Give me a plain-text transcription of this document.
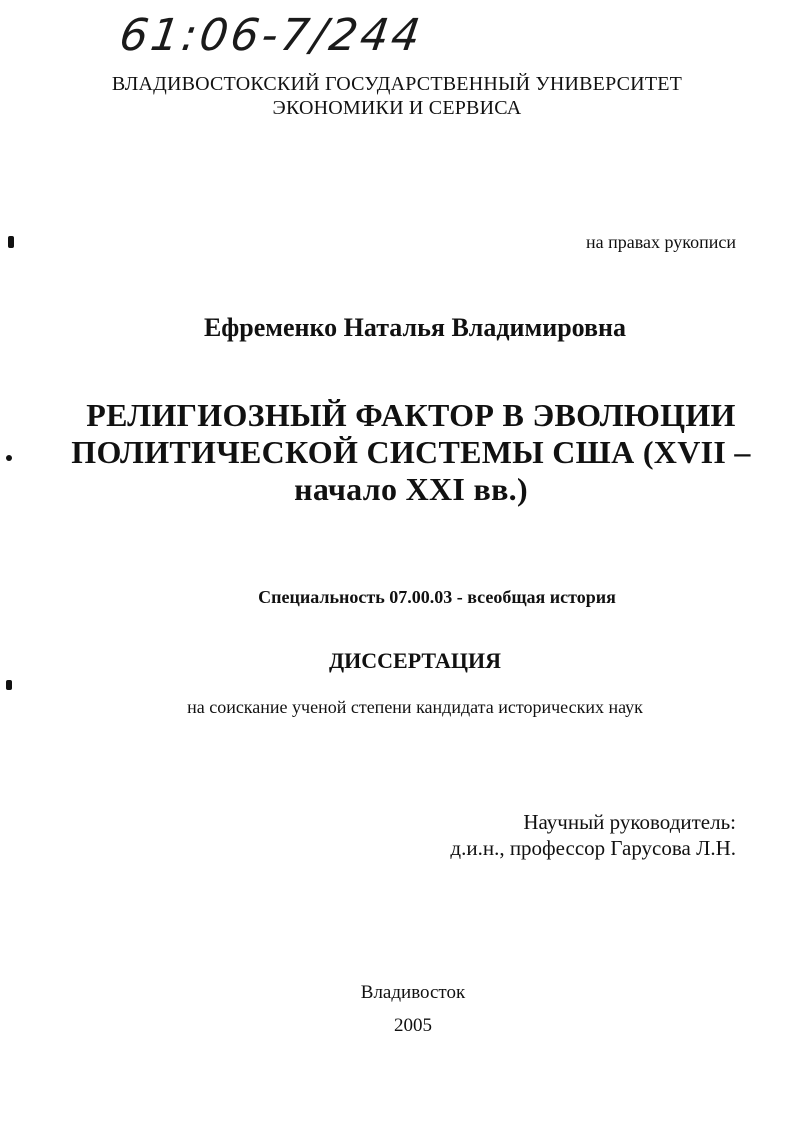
61:06-7/244
ВЛАДИВОСТОКСКИЙ ГОСУДАРСТВЕННЫЙ УНИВЕРСИТЕТ
ЭКОНОМИКИ И СЕРВИСА
на правах рукописи
Ефременко Наталья Владимировна
РЕЛИГИОЗНЫЙ ФАКТОР В ЭВОЛЮЦИИ
ПОЛИТИЧЕСКОЙ СИСТЕМЫ США (XVII –
начало XXI вв.)
Специальность 07.00.03 - всеобщая история
ДИССЕРТАЦИЯ
на соискание ученой степени кандидата исторических наук
Научный руководитель:
д.и.н., профессор Гарусова Л.Н.
Владивосток
2005
